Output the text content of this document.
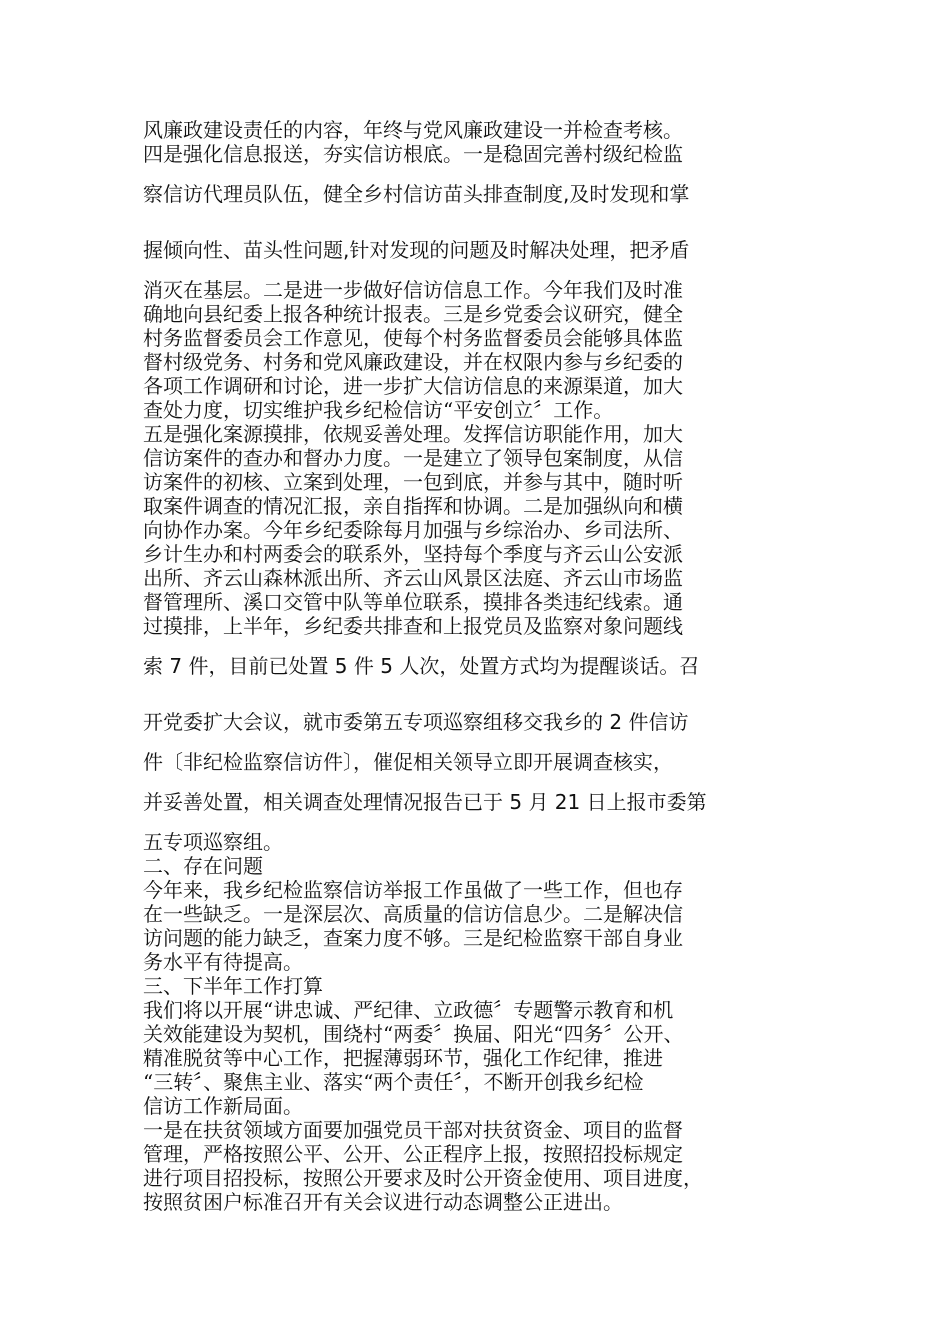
风廉政建设责任的内容，年终与党风廉政建设一并检查考核。
四是强化信息报送，夯实信访根底。一是稳固完善村级纪检监
察信访代理员队伍，健全乡村信访苗头排查制度,及时发现和掌
握倾向性、苗头性问题,针对发现的问题及时解决处理，把矛盾
消灭在基层。二是进一步做好信访信息工作。今年我们及时准
确地向县纪委上报各种统计报表。三是乡党委会议研究，健全
村务监督委员会工作意见，使每个村务监督委员会能够具体监
督村级党务、村务和党风廉政建设，并在权限内参与乡纪委的
各项工作调研和讨论，进一步扩大信访信息的来源渠道，加大
查处力度，切实维护我乡纪检信访“平安创立〞工作。
五是强化案源摸排，依规妥善处理。发挥信访职能作用，加大
信访案件的查办和督办力度。一是建立了领导包案制度，从信
访案件的初核、立案到处理，一包到底，并参与其中，随时听
取案件调查的情况汇报，亲自指挥和协调。二是加强纵向和横
向协作办案。今年乡纪委除每月加强与乡综治办、乡司法所、
乡计生办和村两委会的联系外，坚持每个季度与齐云山公安派
出所、齐云山森林派出所、齐云山风景区法庭、齐云山市场监
督管理所、溪口交管中队等单位联系，摸排各类违纪线索。通
过摸排，上半年，乡纪委共排查和上报党员及监察对象问题线
索 7 件，目前已处置 5 件 5 人次，处置方式均为提醒谈话。召
开党委扩大会议，就市委第五专项巡察组移交我乡的 2 件信访
件〔非纪检监察信访件〕，催促相关领导立即开展调查核实，
并妥善处置，相关调查处理情况报告已于 5 月 21 日上报市委第
五专项巡察组。
二、存在问题
今年来，我乡纪检监察信访举报工作虽做了一些工作，但也存
在一些缺乏。一是深层次、高质量的信访信息少。二是解决信
访问题的能力缺乏，查案力度不够。三是纪检监察干部自身业
务水平有待提高。
三、下半年工作打算
我们将以开展“讲忠诚、严纪律、立政德〞专题警示教育和机
关效能建设为契机，围绕村“两委〞换届、阳光“四务〞公开、
精准脱贫等中心工作，把握薄弱环节，强化工作纪律，推进
“三转〞、聚焦主业、落实“两个责任〞，不断开创我乡纪检
信访工作新局面。
一是在扶贫领域方面要加强党员干部对扶贫资金、项目的监督
管理，严格按照公平、公开、公正程序上报，按照招投标规定
进行项目招投标，按照公开要求及时公开资金使用、项目进度，
按照贫困户标准召开有关会议进行动态调整公正进出。
